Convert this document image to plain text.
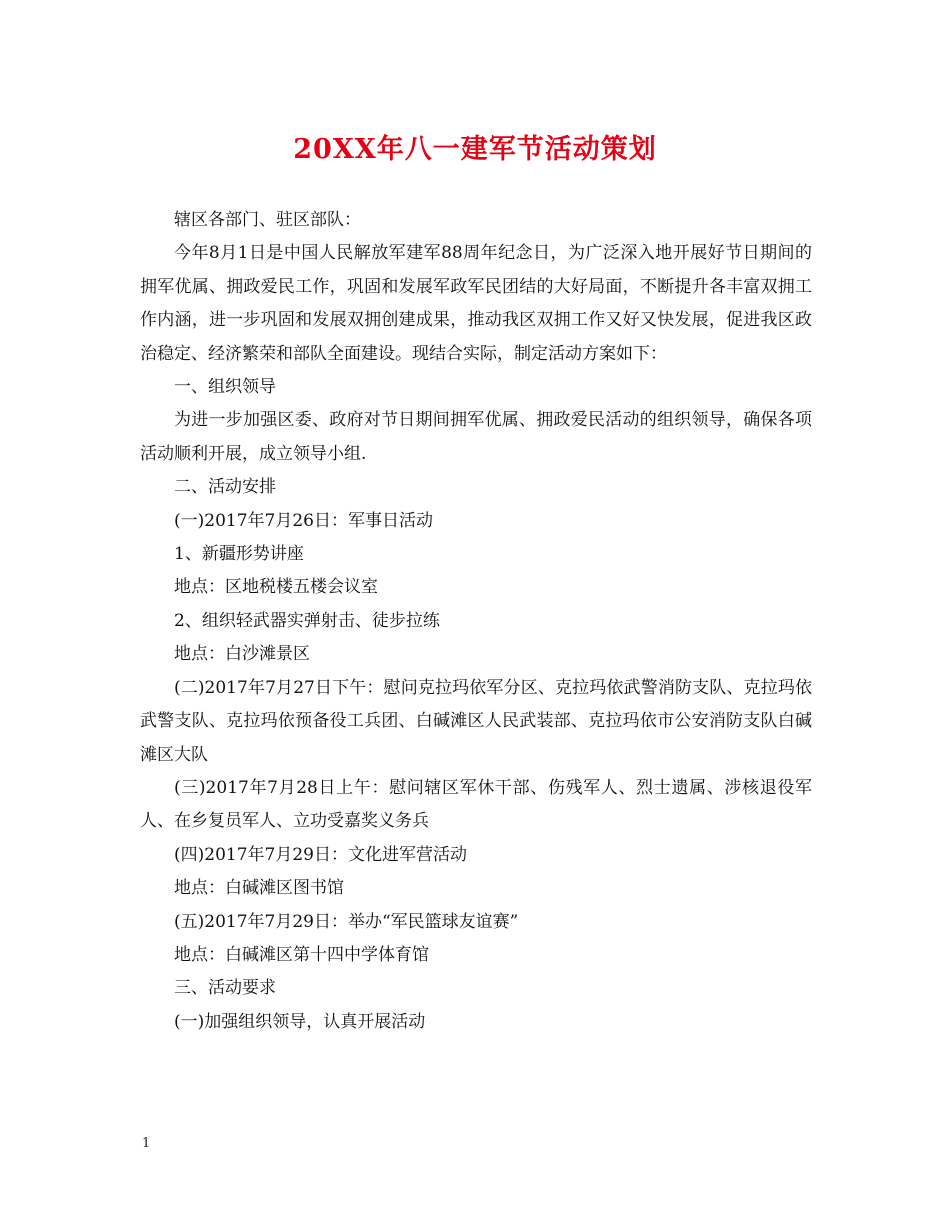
20XX年八一建军节活动策划

辖区各部门、驻区部队：

今年8月1日是中国人民解放军建军88周年纪念日，为广泛深入地开展好节日期间的拥军优属、拥政爱民工作，巩固和发展军政军民团结的大好局面，不断提升各丰富双拥工作内涵，进一步巩固和发展双拥创建成果，推动我区双拥工作又好又快发展，促进我区政治稳定、经济繁荣和部队全面建设。现结合实际，制定活动方案如下：

一、组织领导

为进一步加强区委、政府对节日期间拥军优属、拥政爱民活动的组织领导，确保各项活动顺利开展，成立领导小组.

二、活动安排

(一)2017年7月26日：军事日活动

1、新疆形势讲座

地点：区地税楼五楼会议室

2、组织轻武器实弹射击、徒步拉练

地点：白沙滩景区

(二)2017年7月27日下午：慰问克拉玛依军分区、克拉玛依武警消防支队、克拉玛依武警支队、克拉玛依预备役工兵团、白碱滩区人民武装部、克拉玛依市公安消防支队白碱滩区大队

(三)2017年7月28日上午：慰问辖区军休干部、伤残军人、烈士遗属、涉核退役军人、在乡复员军人、立功受嘉奖义务兵

(四)2017年7月29日：文化进军营活动

地点：白碱滩区图书馆

(五)2017年7月29日：举办“军民篮球友谊赛”

地点：白碱滩区第十四中学体育馆

三、活动要求

(一)加强组织领导，认真开展活动

1
